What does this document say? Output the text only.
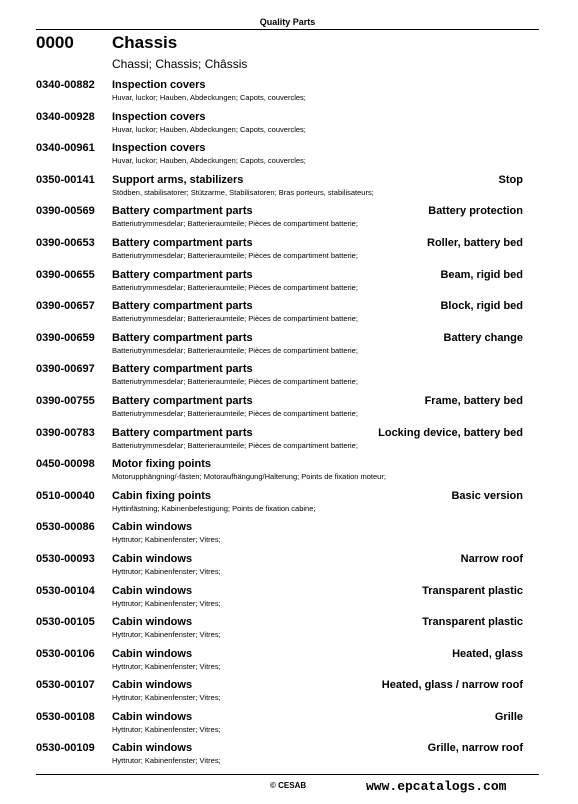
Quality Parts
0000 Chassis
Chassi; Chassis; Châssis
0340-00882 Inspection covers
Huvar, luckor; Hauben, Abdeckungen; Capots, couvercles;
0340-00928 Inspection covers
Huvar, luckor; Hauben, Abdeckungen; Capots, couvercles;
0340-00961 Inspection covers
Huvar, luckor; Hauben, Abdeckungen; Capots, couvercles;
0350-00141 Support arms, stabilizers	Stop
Stödben, stabilisatorer; Stützarme, Stabilisatoren; Bras porteurs, stabilisateurs;
0390-00569 Battery compartment parts	Battery protection
Batteriutrymmesdelar; Batterieraumteile; Pièces de compartiment batterie;
0390-00653 Battery compartment parts	Roller, battery bed
Batteriutrymmesdelar; Batterieraumteile; Pièces de compartiment batterie;
0390-00655 Battery compartment parts	Beam, rigid bed
Batteriutrymmesdelar; Batterieraumteile; Pièces de compartiment batterie;
0390-00657 Battery compartment parts	Block, rigid bed
Batteriutrymmesdelar; Batterieraumteile; Pièces de compartiment batterie;
0390-00659 Battery compartment parts	Battery change
Batteriutrymmesdelar; Batterieraumteile; Pièces de compartiment batterie;
0390-00697 Battery compartment parts
Batteriutrymmesdelar; Batterieraumteile; Pièces de compartiment batterie;
0390-00755 Battery compartment parts	Frame, battery bed
Batteriutrymmesdelar; Batterieraumteile; Pièces de compartiment batterie;
0390-00783 Battery compartment parts	Locking device, battery bed
Batteriutrymmesdelar; Batterieraumteile; Pièces de compartiment batterie;
0450-00098 Motor fixing points
Motorupphängning/-fästen; Motoraufhängung/Halterung; Points de fixation moteur;
0510-00040 Cabin fixing points	Basic version
Hyttinfästning; Kabinenbefestigung; Points de fixation cabine;
0530-00086 Cabin windows
Hyttrutor; Kabinenfenster; Vitres;
0530-00093 Cabin windows	Narrow roof
Hyttrutor; Kabinenfenster; Vitres;
0530-00104 Cabin windows	Transparent plastic
Hyttrutor; Kabinenfenster; Vitres;
0530-00105 Cabin windows	Transparent plastic
Hyttrutor; Kabinenfenster; Vitres;
0530-00106 Cabin windows	Heated, glass
Hyttrutor; Kabinenfenster; Vitres;
0530-00107 Cabin windows	Heated, glass / narrow roof
Hyttrutor; Kabinenfenster; Vitres;
0530-00108 Cabin windows	Grille
Hyttrutor; Kabinenfenster; Vitres;
0530-00109 Cabin windows	Grille, narrow roof
Hyttrutor; Kabinenfenster; Vitres;
© CESAB	www.epcatalogs.com
